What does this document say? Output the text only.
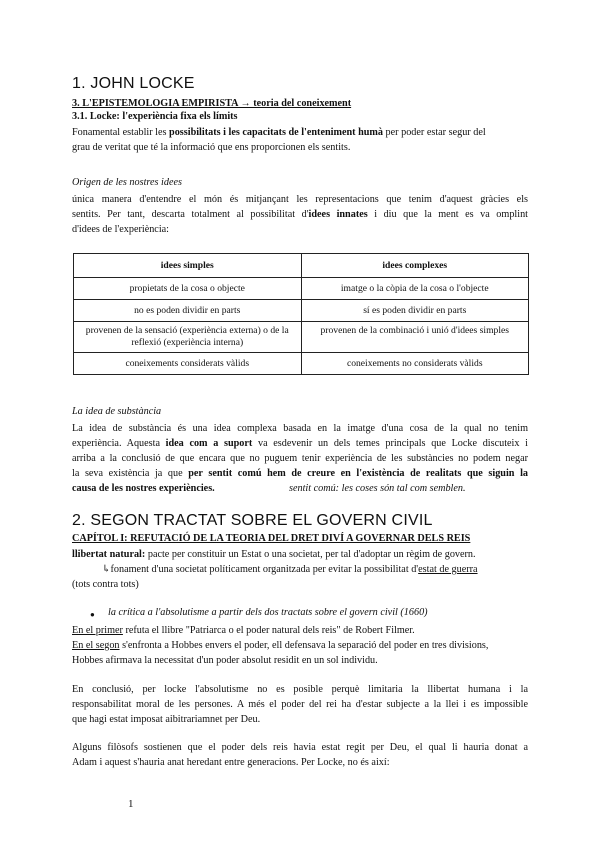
1. JOHN LOCKE
3. L'EPISTEMOLOGIA EMPIRISTA → teoria del coneixement
3.1. Locke: l'experiència fixa els límits
Fonamental establir les possibilitats i les capacitats de l'enteniment humà per poder estar segur del
grau de veritat que té la informació que ens proporcionen els sentits.
Origen de les nostres idees
única manera d'entendre el món és mitjançant les representacions que tenim d'aquest gràcies els
sentits. Per tant, descarta totalment al possibilitat d'idees innates i diu que la ment es va omplint
d'idees de l'experiència:
idees simples	idees complexes
propietats de la cosa o objecte	imatge o la còpia de la cosa o l'objecte
no es poden dividir en parts	sí es poden dividir en parts
provenen de la sensació (experiència externa) o de la reflexió (experiència interna)	provenen de la combinació i unió d'idees simples
coneixements considerats vàlids	coneixements no considerats vàlids
La idea de substància
La idea de substància és una idea complexa basada en la imatge d'una cosa de la qual no tenim
experiència. Aquesta idea com a suport va esdevenir un dels temes principals que Locke discuteix i
arriba a la conclusió de que encara que no puguem tenir experiència de les substàncies no podem negar
la seva existència ja que per sentit comú hem de creure en l'existència de realitats que siguin la
causa de les nostres experiències.	sentit comú: les coses són tal com semblen.
2. SEGON TRACTAT SOBRE EL GOVERN CIVIL
CAPÍTOL I: REFUTACIÓ DE LA TEORIA DEL DRET DIVÍ A GOVERNAR DELS REIS
llibertat natural: pacte per constituir un Estat o una societat, per tal d'adoptar un règim de govern.
↳fonament d'una societat políticament organitzada per evitar la possibilitat d'estat de guerra
(tots contra tots)
● la crítica a l'absolutisme a partir dels dos tractats sobre el govern civil (1660)
En el primer refuta el llibre "Patriarca o el poder natural dels reis" de Robert Filmer.
En el segon s'enfronta a Hobbes envers el poder, ell defensava la separació del poder en tres divisions,
Hobbes afirmava la necessitat d'un poder absolut residit en un sol individu.
En conclusió, per locke l'absolutisme no es posible perquè limitaria la llibertat humana i la
responsabilitat moral de les persones. A més el poder del rei ha d'estar subjecte a la llei i es impossible
que hagi estat imposat aibitrariamnet per Deu.
Alguns filòsofs sostienen que el poder dels reis havia estat regit per Deu, el qual li hauria donat a
Adam i aquest s'hauria anat heredant entre generacions. Per Locke, no és així:
1
